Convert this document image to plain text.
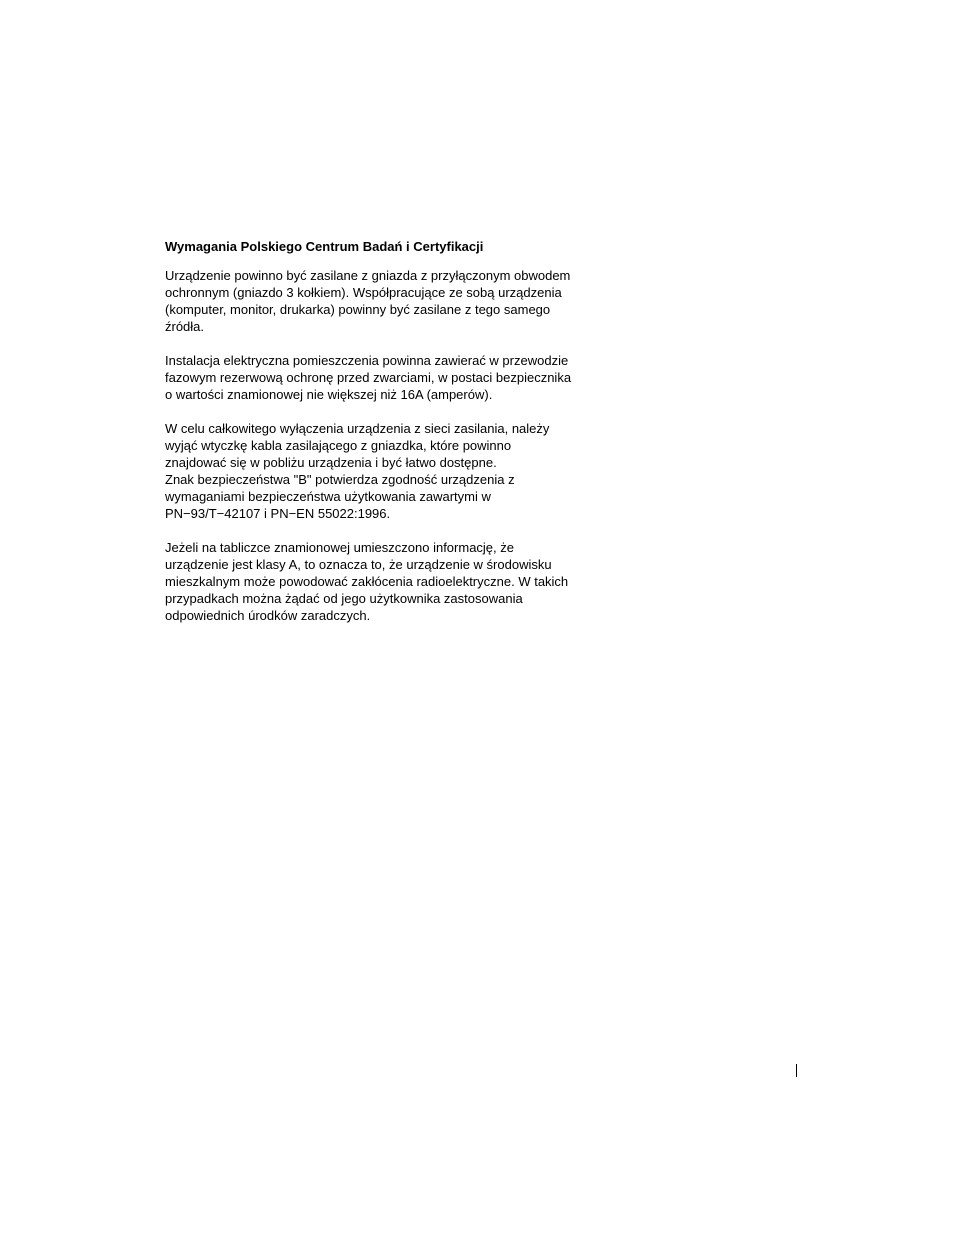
Wymagania Polskiego Centrum Badań i Certyfikacji
Urządzenie powinno być zasilane z gniazda z przyłączonym obwodem
ochronnym (gniazdo 3 kołkiem). Współpracujące ze sobą urządzenia
(komputer, monitor, drukarka) powinny być zasilane z tego samego
źródła.
Instalacja elektryczna pomieszczenia powinna zawierać w przewodzie
fazowym rezerwową ochronę przed zwarciami, w postaci bezpiecznika
o wartości znamionowej nie większej niż 16A (amperów).
W celu całkowitego wyłączenia urządzenia z sieci zasilania, należy
wyjąć wtyczkę kabla zasilającego z gniazdka, które powinno
znajdować się w pobliżu urządzenia i być łatwo dostępne.
Znak bezpieczeństwa "B" potwierdza zgodność urządzenia z
wymaganiami bezpieczeństwa użytkowania zawartymi w
PN−93/T−42107 i PN−EN 55022:1996.
Jeżeli na tabliczce znamionowej umieszczono informację, że
urządzenie jest klasy A, to oznacza to, że urządzenie w środowisku
mieszkalnym może powodować zakłócenia radioelektryczne. W takich
przypadkach można żądać od jego użytkownika zastosowania
odpowiednich úrodków zaradczych.
